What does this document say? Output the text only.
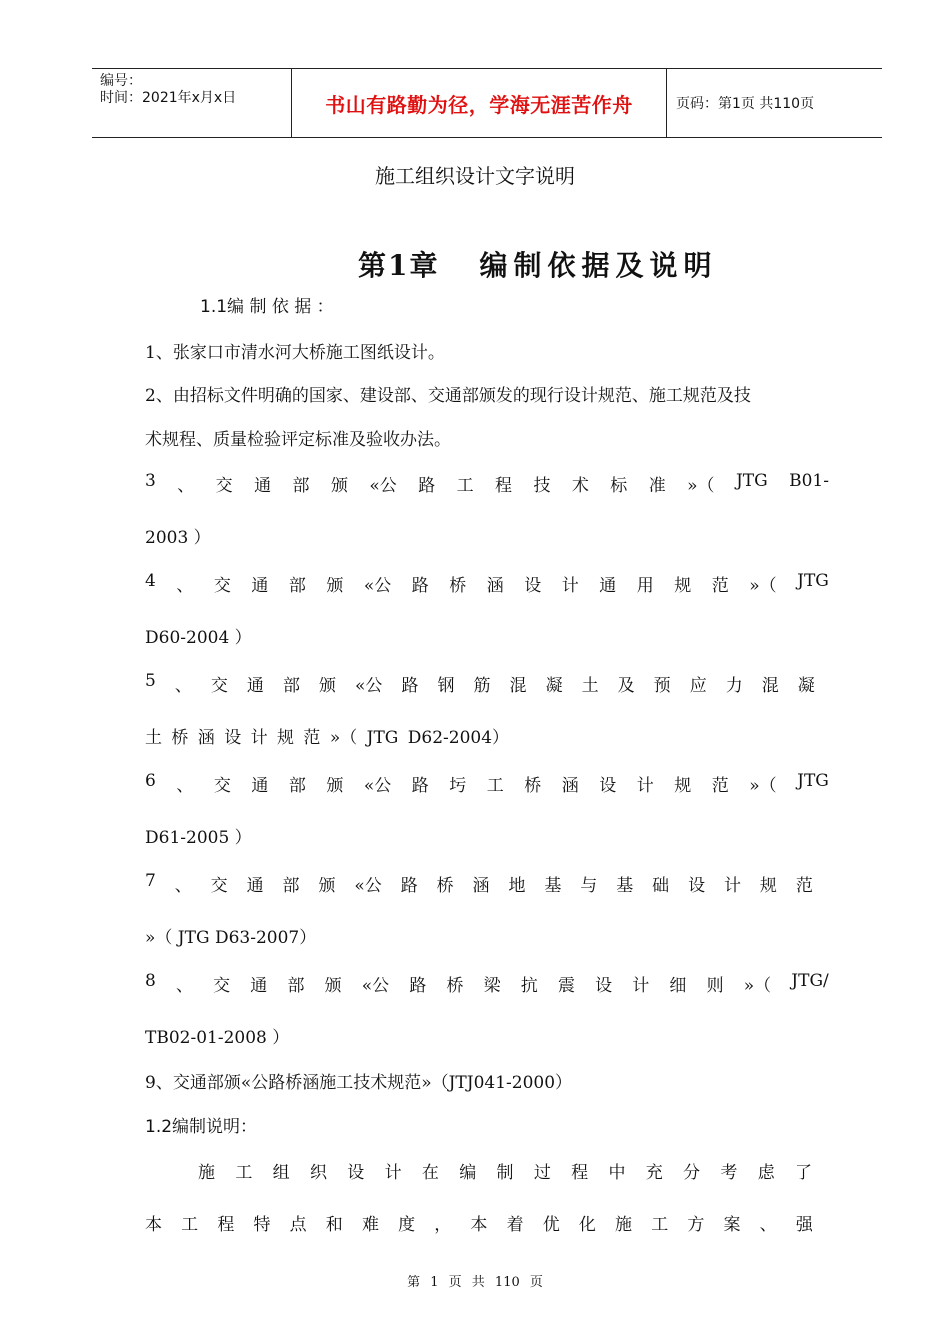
编号：
时间：2021年x月x日	书山有路勤为径，学海无涯苦作舟	页码：第1页 共110页
施工组织设计文字说明
第1章 编制依据及说明
1.1编 制 依 据 ：
1、张家口市清水河大桥施工图纸设计。
2、由招标文件明确的国家、建设部、交通部颁发的现行设计规范、施工规范及技
术规程、质量检验评定标准及验收办法。
3 、 交 通 部 颁 «公 路 工 程 技 术 标 准 »（ JTG B01-
2003 ）
4 、 交 通 部 颁 «公 路 桥 涵 设 计 通 用 规 范 »（ JTG
D60-2004 ）
5 、 交 通 部 颁 «公 路 钢 筋 混 凝 土 及 预 应 力 混 凝
土 桥 涵 设 计 规 范 »（ JTG D62-2004）
6 、 交 通 部 颁 «公 路 圬 工 桥 涵 设 计 规 范 »（ JTG
D61-2005 ）
7 、 交 通 部 颁 «公 路 桥 涵 地 基 与 基 础 设 计 规 范
»（ JTG D63-2007）
8 、 交 通 部 颁 «公 路 桥 梁 抗 震 设 计 细 则 »（ JTG/
TB02-01-2008 ）
9、交通部颁«公路桥涵施工技术规范»（JTJ041-2000）
1.2编制说明：
施 工 组 织 设 计 在 编 制 过 程 中 充 分 考 虑 了
本 工 程 特 点 和 难 度 ， 本 着 优 化 施 工 方 案 、 强
第 1 页 共 110 页
